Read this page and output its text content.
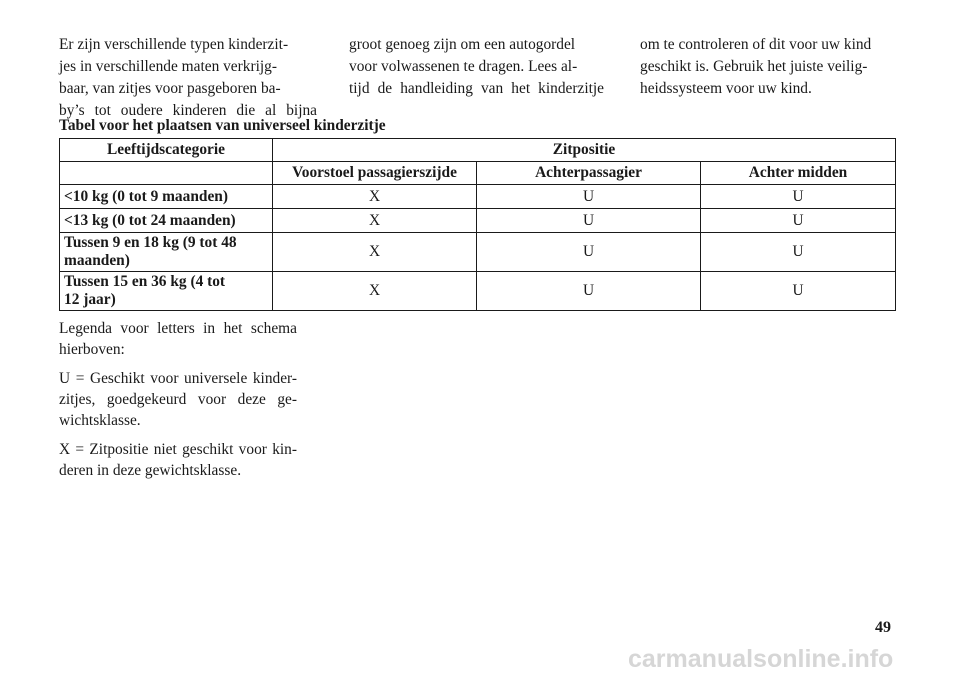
Er zijn verschillende typen kinderzit-
jes in verschillende maten verkrijg-
baar, van zitjes voor pasgeboren ba-
by’s tot oudere kinderen die al bijna

groot genoeg zijn om een autogordel
voor volwassenen te dragen. Lees al-
tijd de handleiding van het kinderzitje

om te controleren of dit voor uw kind
geschikt is. Gebruik het juiste veilig-
heidssysteem voor uw kind.

Tabel voor het plaatsen van universeel kinderzitje
Leeftijdscategorie	Zitpositie		
	Voorstoel passagierszijde	Achterpassagier	Achter midden
<10 kg (0 tot 9 maanden)	X	U	U
<13 kg (0 tot 24 maanden)	X	U	U
Tussen 9 en 18 kg (9 tot 48
maanden)	X	U	U
Tussen 15 en 36 kg (4 tot
12 jaar)	X	U	U

Legenda voor letters in het schema
hierboven:

U = Geschikt voor universele kinder-
zitjes, goedgekeurd voor deze ge-
wichtsklasse.

X = Zitpositie niet geschikt voor kin-
deren in deze gewichtsklasse.

49
carmanualsonline.info
